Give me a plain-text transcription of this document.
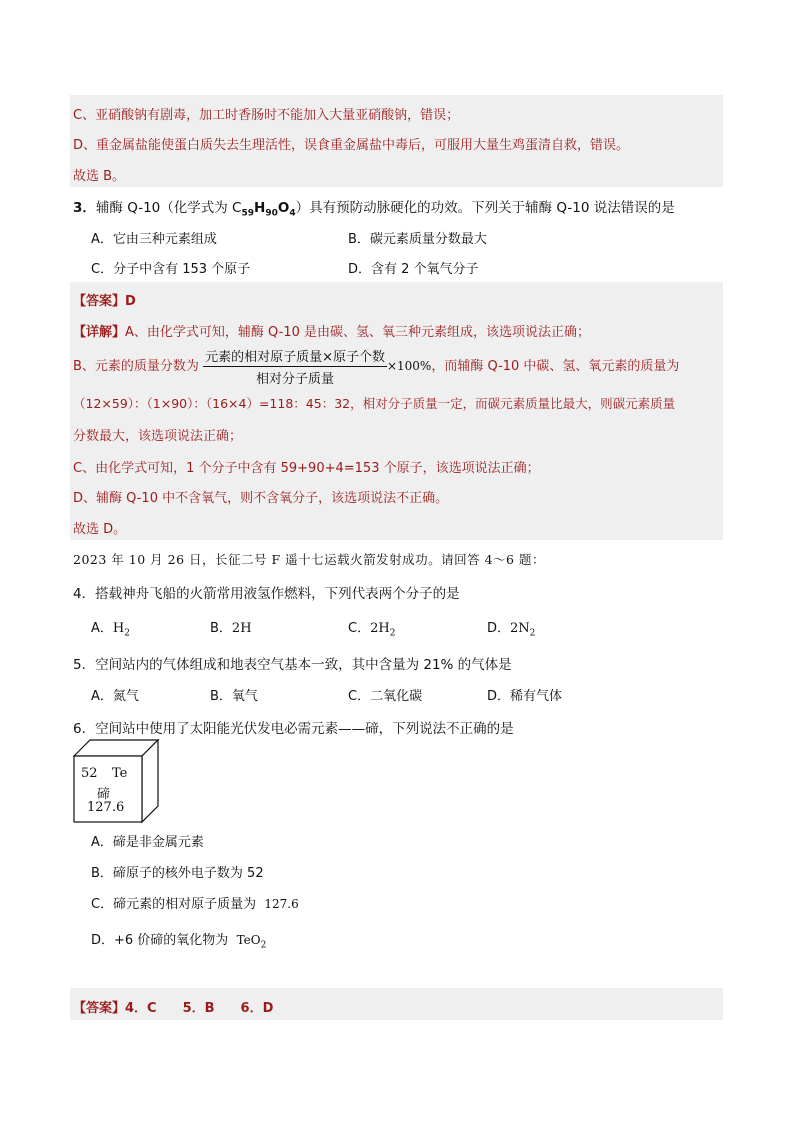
C、亚硝酸钠有剧毒，加工时香肠时不能加入大量亚硝酸钠，错误；
D、重金属盐能使蛋白质失去生理活性，误食重金属盐中毒后，可服用大量生鸡蛋清自救，错误。
故选 B。
3．辅酶 Q-10（化学式为 $C_{59}H_{90}O_4$）具有预防动脉硬化的功效。下列关于辅酶 Q-10 说法错误的是
A．它由三种元素组成	B．碳元素质量分数最大
C．分子中含有 153 个原子	D．含有 2 个氧气分子
【答案】D
【详解】A、由化学式可知，辅酶 Q-10 是由碳、氢、氧三种元素组成，该选项说法正确；
B、元素的质量分数为 $\frac{\text{元素的相对原子质量×原子个数}}{\text{相对分子质量}} \times 100\%$，而辅酶 Q-10 中碳、氢、氧元素的质量为
（12×59）：（1×90）：（16×4）=118：45：32，相对分子质量一定，而碳元素质量比最大，则碳元素质量
分数最大，该选项说法正确；
C、由化学式可知，1 个分子中含有 59+90+4=153 个原子，该选项说法正确；
D、辅酶 Q-10 中不含氧气，则不含氧分子，该选项说法不正确。
故选 D。
2023 年 10 月 26 日，长征二号 F 遥十七运载火箭发射成功。请回答 4～6 题：
4．搭载神舟飞船的火箭常用液氢作燃料，下列代表两个分子的是
A．$H_2$	B．2H	C．$2H_2$	D．$2N_2$
5．空间站内的气体组成和地表空气基本一致，其中含量为 21% 的气体是
A．氮气	B．氧气	C．二氧化碳	D．稀有气体
6．空间站中使用了太阳能光伏发电必需元素——碲，下列说法不正确的是
52 Te
碲
127.6
A．碲是非金属元素
B．碲原子的核外电子数为 52
C．碲元素的相对原子质量为 127.6
D．+6 价碲的氧化物为 TeO$_2$
【答案】4．C　　5．B　　6．D
